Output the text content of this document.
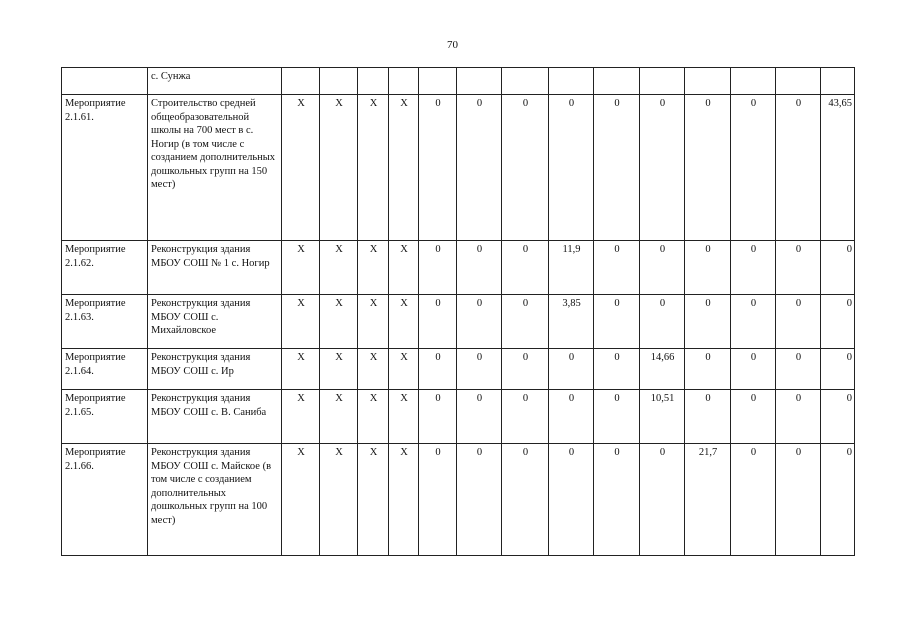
70
	с. Сунжа														
Мероприятие 2.1.61.	Строительство средней общеобразовательной школы на 700 мест в с. Ногир (в том числе с созданием дополнительных дошкольных групп на 150 мест)	X	X	X	X	0	0	0	0	0	0	0	0	0	43,65
Мероприятие 2.1.62.	Реконструкция здания МБОУ СОШ № 1 с. Ногир	X	X	X	X	0	0	0	11,9	0	0	0	0	0	0
Мероприятие 2.1.63.	Реконструкция здания МБОУ СОШ с. Михайловское	X	X	X	X	0	0	0	3,85	0	0	0	0	0	0
Мероприятие 2.1.64.	Реконструкция здания МБОУ СОШ с. Ир	X	X	X	X	0	0	0	0	0	14,66	0	0	0	0
Мероприятие 2.1.65.	Реконструкция здания МБОУ СОШ с. В. Саниба	X	X	X	X	0	0	0	0	0	10,51	0	0	0	0
Мероприятие 2.1.66.	Реконструкция здания МБОУ СОШ с. Майское (в том числе с созданием дополнительных дошкольных групп на 100 мест)	X	X	X	X	0	0	0	0	0	0	21,7	0	0	0
